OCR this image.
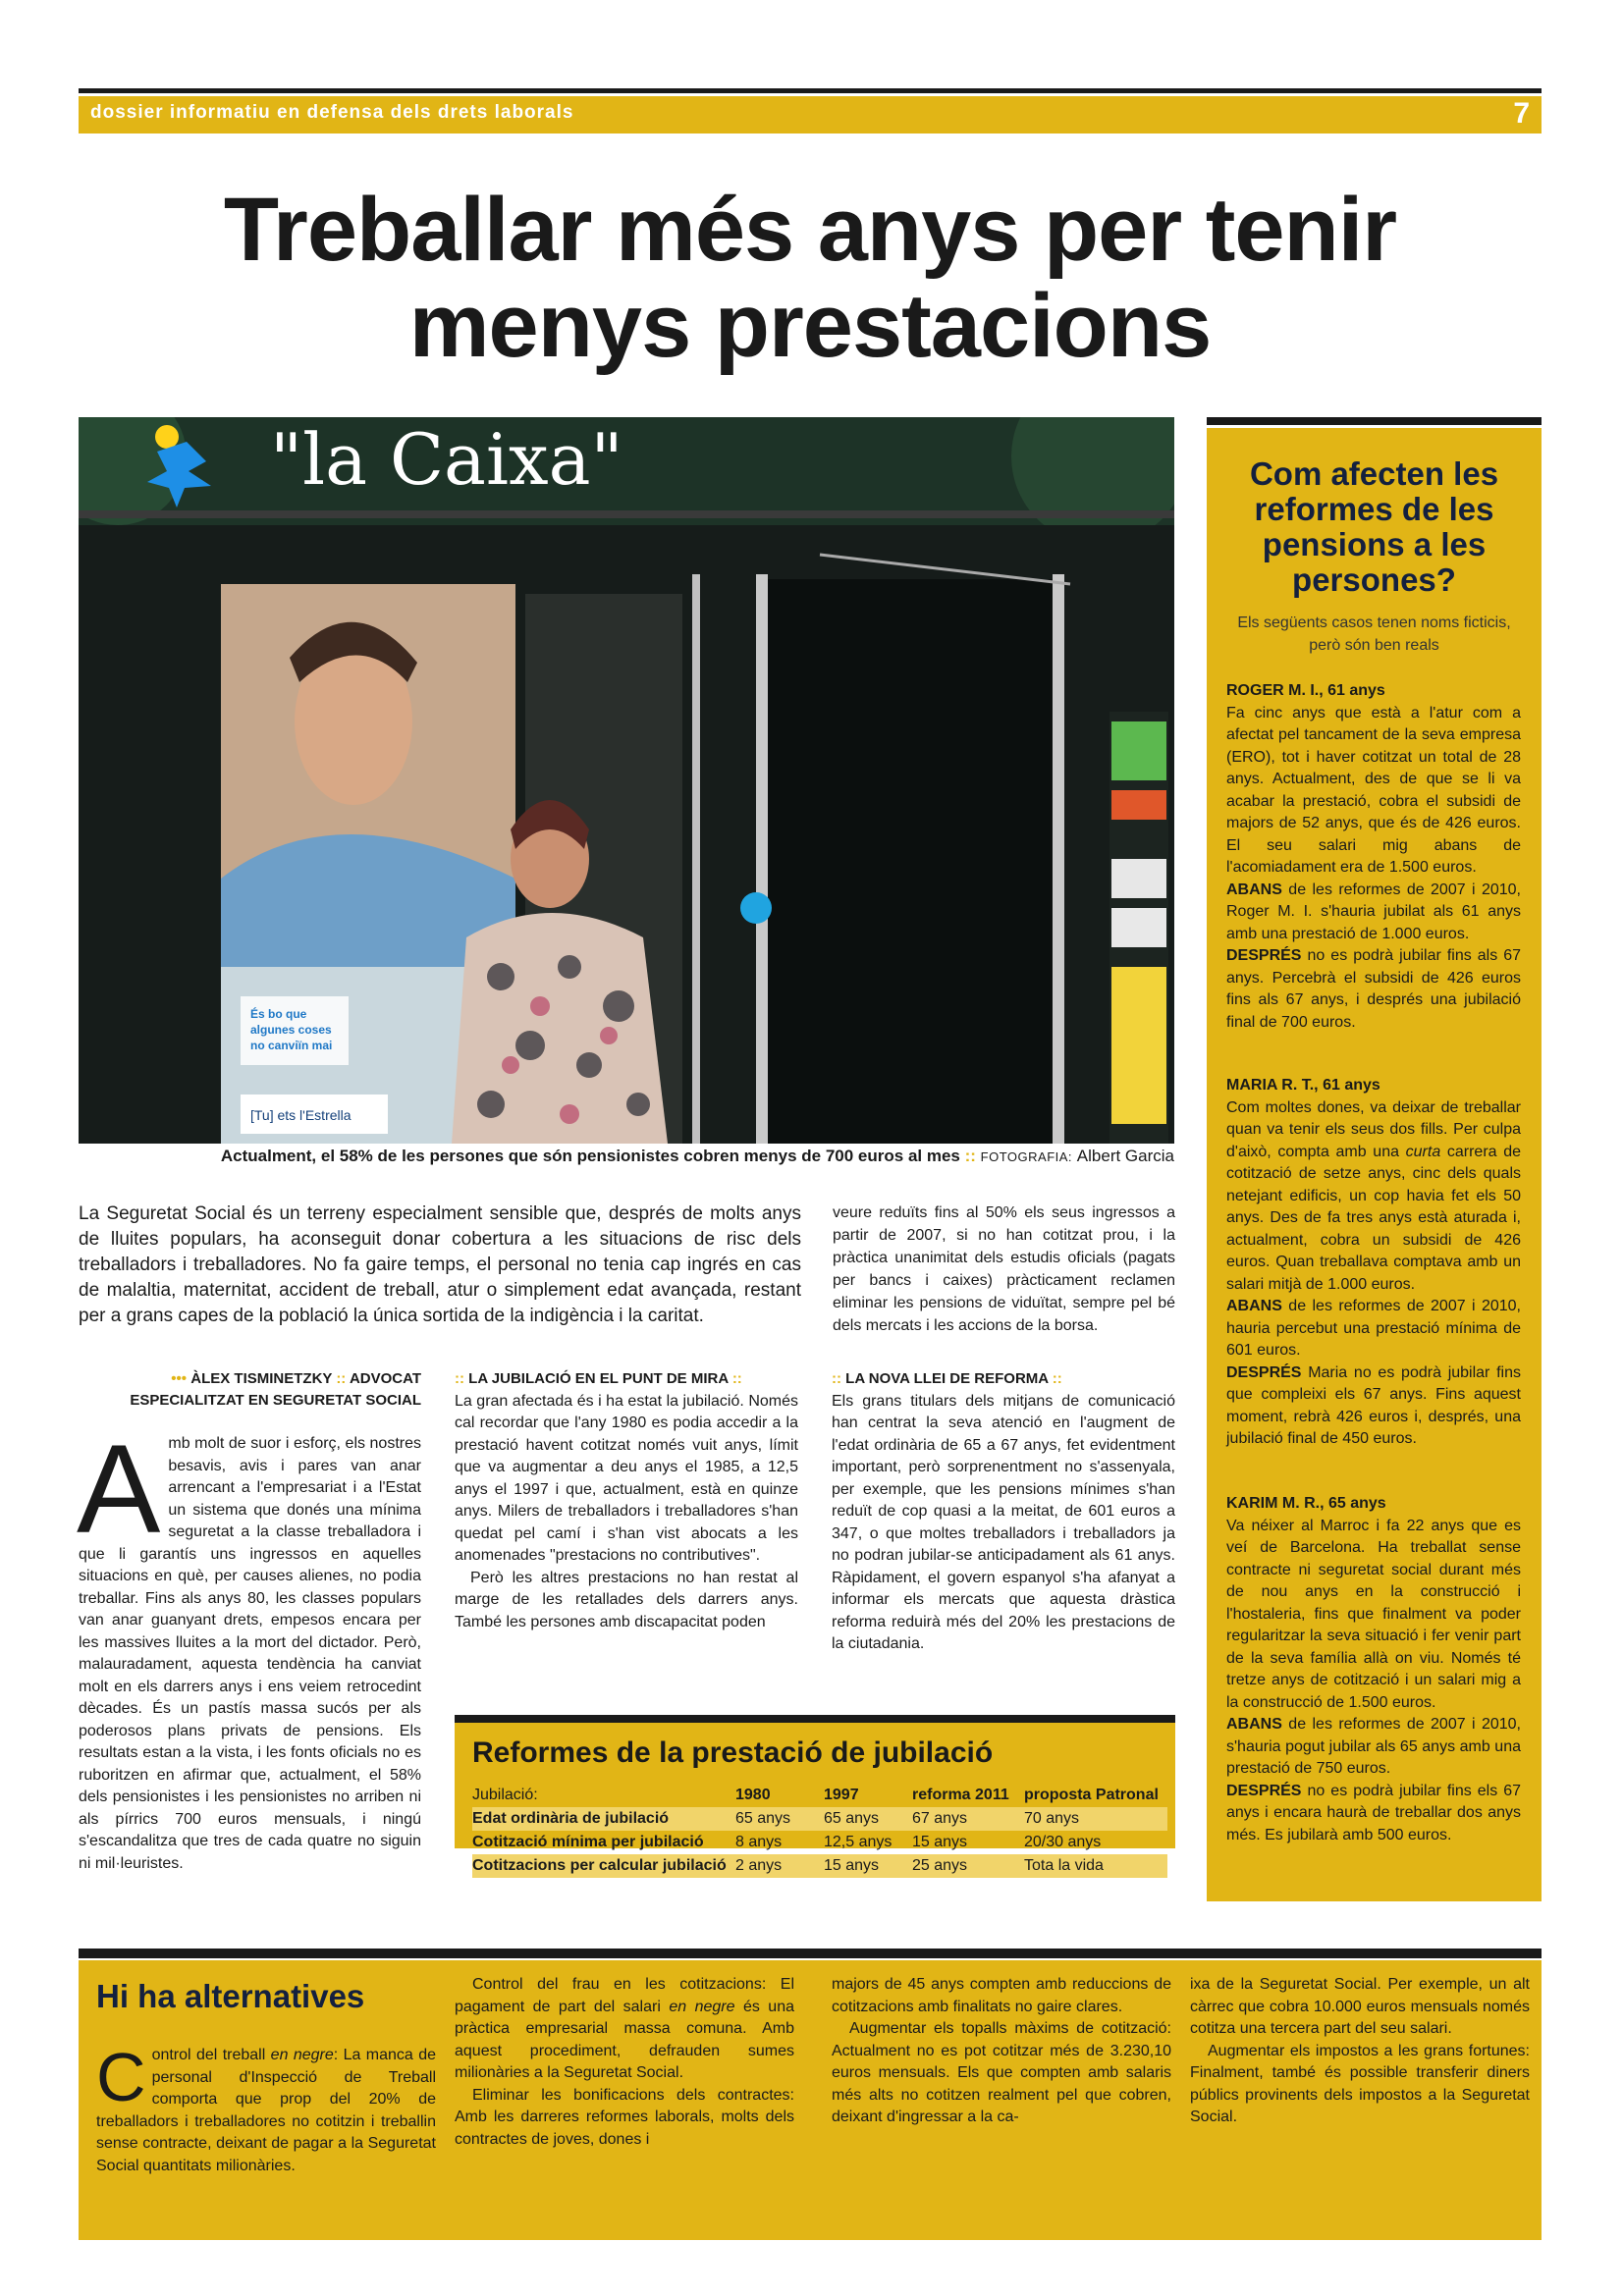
dossier informatiu en defensa dels drets laborals	7
Treballar més anys per tenir
menys prestacions
"la Caixa"
És bo que
algunes coses
no canviïn mai
[Tu] ets l'Estrella
Actualment, el 58% de les persones que són pensionistes cobren menys de 700 euros al mes :: FOTOGRAFIA: Albert Garcia

La Seguretat Social és un terreny especialment sensible que, després de molts anys de lluites populars, ha aconseguit donar cobertura a les situacions de risc dels treballadors i treballadores. No fa gaire temps, el personal no tenia cap ingrés en cas de malaltia, maternitat, accident de treball, atur o simplement edat avançada, restant per a grans capes de la població la única sortida de la indigència i la caritat.

veure reduïts fins al 50% els seus ingressos a partir de 2007, si no han cotitzat prou, i la pràctica unanimitat dels estudis oficials (pagats per bancs i caixes) pràcticament reclamen eliminar les pensions de viduïtat, sempre pel bé dels mercats i les accions de la borsa.

••• ÀLEX TISMINETZKY :: ADVOCAT
ESPECIALITZAT EN SEGURETAT SOCIAL
A mb molt de suor i esforç, els nostres besavis, avis i pares van anar arrencant a l'empresariat i a l'Estat un sistema que donés una mínima seguretat a la classe treballadora i que li garantís uns ingressos en aquelles situacions en què, per causes alienes, no podia treballar. Fins als anys 80, les classes populars van anar guanyant drets, empesos encara per les massives lluites a la mort del dictador. Però, malauradament, aquesta tendència ha canviat molt en els darrers anys i ens veiem retrocedint dècades. És un pastís massa sucós per als poderosos plans privats de pensions. Els resultats estan a la vista, i les fonts oficials no es ruboritzen en afirmar que, actualment, el 58% dels pensionistes i les pensionistes no arriben ni als pírrics 700 euros mensuals, i ningú s'escandalitza que tres de cada quatre no siguin ni mil·leuristes.
:: LA JUBILACIÓ EN EL PUNT DE MIRA ::

La gran afectada és i ha estat la jubilació. Només cal recordar que l'any 1980 es podia accedir a la prestació havent cotitzat només vuit anys, límit que va augmentar a deu anys el 1985, a 12,5 anys el 1997 i que, actualment, està en quinze anys. Milers de treballadors i treballadores s'han quedat pel camí i s'han vist abocats a les anomenades "prestacions no contributives".

Però les altres prestacions no han restat al marge de les retallades dels darrers anys. També les persones amb discapacitat poden

:: LA NOVA LLEI DE REFORMA ::

Els grans titulars dels mitjans de comunicació han centrat la seva atenció en l'augment de l'edat ordinària de 65 a 67 anys, fet evidentment important, però sorprenentment no s'assenyala, per exemple, que les pensions mínimes s'han reduït de cop quasi a la meitat, de 601 euros a 347, o que moltes treballadors i treballadors ja no podran jubilar-se anticipadament als 61 anys. Ràpidament, el govern espanyol s'ha afanyat a informar els mercats que aquesta dràstica reforma reduirà més del 20% les prestacions de la ciutadania.

Reformes de la prestació de jubilació
Jubilació:	1980	1997	reforma 2011	proposta Patronal
Edat ordinària de jubilació	65 anys	65 anys	67 anys	70 anys
Cotització mínima per jubilació	8 anys	12,5 anys	15 anys	20/30 anys
Cotitzacions per calcular jubilació	2 anys	15 anys	25 anys	Tota la vida
Com afecten les
reformes de les
pensions a les
persones?
Els següents casos tenen noms ficticis, però són ben reals
ROGER M. I., 61 anys
Fa cinc anys que està a l'atur com a afectat pel tancament de la seva empresa (ERO), tot i haver cotitzat un total de 28 anys. Actualment, des de que se li va acabar la prestació, cobra el subsidi de majors de 52 anys, que és de 426 euros. El seu salari mig abans de l'acomiadament era de 1.500 euros.
ABANS de les reformes de 2007 i 2010, Roger M. I. s'hauria jubilat als 61 anys amb una prestació de 1.000 euros.
DESPRÉS no es podrà jubilar fins als 67 anys. Percebrà el subsidi de 426 euros fins als 67 anys, i després una jubilació final de 700 euros.
MARIA R. T., 61 anys
Com moltes dones, va deixar de treballar quan va tenir els seus dos fills. Per culpa d'això, compta amb una curta carrera de cotització de setze anys, cinc dels quals netejant edificis, un cop havia fet els 50 anys. Des de fa tres anys està aturada i, actualment, cobra un subsidi de 426 euros. Quan treballava comptava amb un salari mitjà de 1.000 euros.
ABANS de les reformes de 2007 i 2010, hauria percebut una prestació mínima de 601 euros.
DESPRÉS Maria no es podrà jubilar fins que compleixi els 67 anys. Fins aquest moment, rebrà 426 euros i, després, una jubilació final de 450 euros.
KARIM M. R., 65 anys
Va néixer al Marroc i fa 22 anys que es veí de Barcelona. Ha treballat sense contracte ni seguretat social durant més de nou anys en la construcció i l'hostaleria, fins que finalment va poder regularitzar la seva situació i fer venir part de la seva família allà on viu. Només té tretze anys de cotització i un salari mig a la construcció de 1.500 euros.
ABANS de les reformes de 2007 i 2010, s'hauria pogut jubilar als 65 anys amb una prestació de 750 euros.
DESPRÉS no es podrà jubilar fins els 67 anys i encara haurà de treballar dos anys més. Es jubilarà amb 500 euros.
Hi ha alternatives
C ontrol del treball en negre: La manca de personal d'Inspecció de Treball comporta que prop del 20% de treballadors i treballadores no cotitzin i treballin sense contracte, deixant de pagar a la Seguretat Social quantitats milionàries.

Control del frau en les cotitzacions: El pagament de part del salari en negre és una pràctica empresarial massa comuna. Amb aquest procediment, defrauden sumes milionàries a la Seguretat Social.

Eliminar les bonificacions dels contractes: Amb les darreres reformes laborals, molts dels contractes de joves, dones i

majors de 45 anys compten amb reduccions de cotitzacions amb finalitats no gaire clares.

Augmentar els topalls màxims de cotització: Actualment no es pot cotitzar més de 3.230,10 euros mensuals. Els que compten amb salaris més alts no cotitzen realment pel que cobren, deixant d'ingressar a la ca-

ixa de la Seguretat Social. Per exemple, un alt càrrec que cobra 10.000 euros mensuals només cotitza una tercera part del seu salari.

Augmentar els impostos a les grans fortunes: Finalment, també és possible transferir diners públics provinents dels impostos a la Seguretat Social.
